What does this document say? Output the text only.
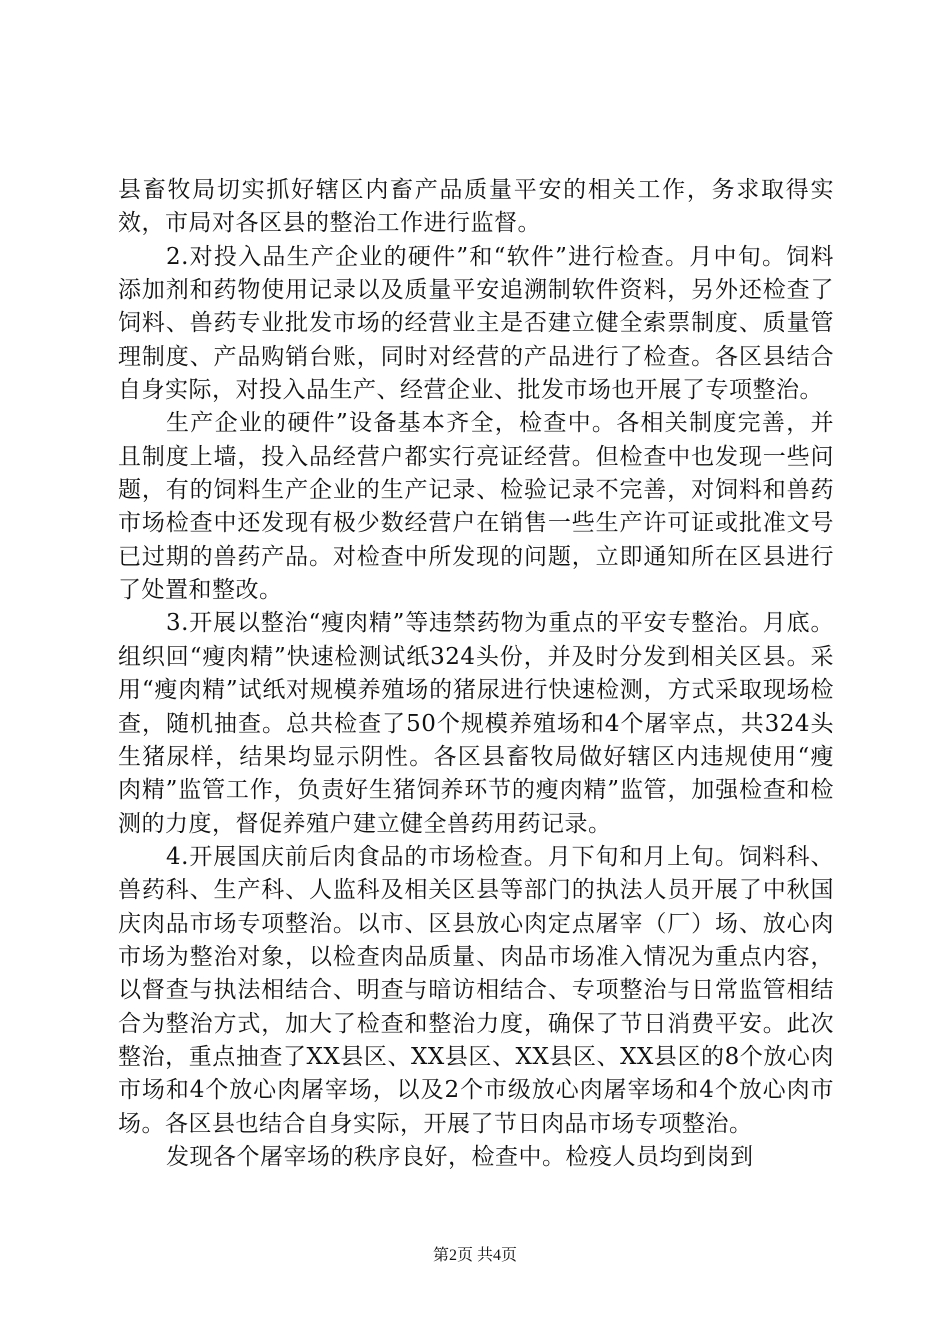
县畜牧局切实抓好辖区内畜产品质量平安的相关工作，务求取得实效，市局对各区县的整治工作进行监督。

2.对投入品生产企业的硬件”和“软件”进行检查。月中旬。饲料添加剂和药物使用记录以及质量平安追溯制软件资料，另外还检查了饲料、兽药专业批发市场的经营业主是否建立健全索票制度、质量管理制度、产品购销台账，同时对经营的产品进行了检查。各区县结合自身实际，对投入品生产、经营企业、批发市场也开展了专项整治。

生产企业的硬件”设备基本齐全，检查中。各相关制度完善，并且制度上墙，投入品经营户都实行亮证经营。但检查中也发现一些问题，有的饲料生产企业的生产记录、检验记录不完善，对饲料和兽药市场检查中还发现有极少数经营户在销售一些生产许可证或批准文号已过期的兽药产品。对检查中所发现的问题，立即通知所在区县进行了处置和整改。

3.开展以整治“瘦肉精”等违禁药物为重点的平安专整治。月底。组织回“瘦肉精”快速检测试纸324头份，并及时分发到相关区县。采用“瘦肉精”试纸对规模养殖场的猪尿进行快速检测，方式采取现场检查，随机抽查。总共检查了50个规模养殖场和4个屠宰点，共324头生猪尿样，结果均显示阴性。各区县畜牧局做好辖区内违规使用“瘦肉精”监管工作，负责好生猪饲养环节的瘦肉精”监管，加强检查和检测的力度，督促养殖户建立健全兽药用药记录。

4.开展国庆前后肉食品的市场检查。月下旬和月上旬。饲料科、兽药科、生产科、人监科及相关区县等部门的执法人员开展了中秋国庆肉品市场专项整治。以市、区县放心肉定点屠宰（厂）场、放心肉市场为整治对象，以检查肉品质量、肉品市场准入情况为重点内容，以督查与执法相结合、明查与暗访相结合、专项整治与日常监管相结合为整治方式，加大了检查和整治力度，确保了节日消费平安。此次整治，重点抽查了XX县区、XX县区、XX县区、XX县区的8个放心肉市场和4个放心肉屠宰场，以及2个市级放心肉屠宰场和4个放心肉市场。各区县也结合自身实际，开展了节日肉品市场专项整治。

发现各个屠宰场的秩序良好，检查中。检疫人员均到岗到

第2页 共4页
